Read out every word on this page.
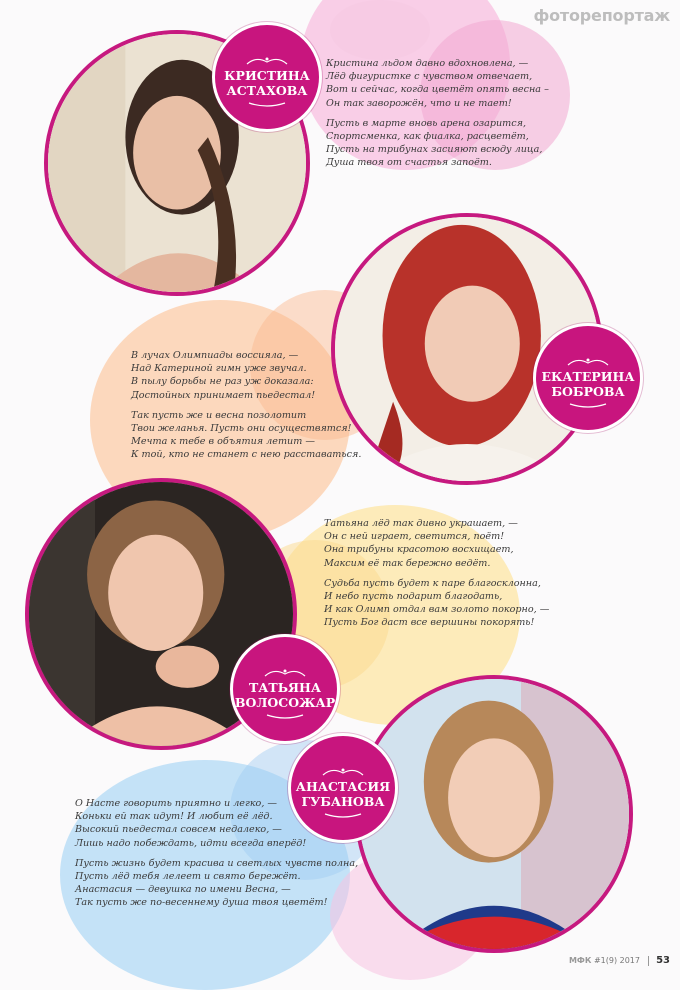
фоторепортаж
КРИСТИНА
АСТАХОВА
Кристина льдом давно вдохновлена, —
Лёд фигуристке с чувством отвечает,
Вот и сейчас, когда цветёт опять весна –
Он так заворожён, что и не тает!
Пусть в марте вновь арена озарится,
Спортсменка, как фиалка, расцветёт,
Пусть на трибунах засияют всюду лица,
Душа твоя от счастья запоёт.
ЕКАТЕРИНА
БОБРОВА
В лучах Олимпиады воссияла, —
Над Катериной гимн уже звучал.
В пылу борьбы не раз уж доказала:
Достойных принимает пьедестал!
Так пусть же и весна позолотит
Твои желанья. Пусть они осуществятся!
Мечта к тебе в объятия летит —
К той, кто не станет с нею расставаться.
ТАТЬЯНА
ВОЛОСОЖАР
Татьяна лёд так дивно украшает, —
Он с ней играет, светится, поёт!
Она трибуны красотою восхищает,
Максим её так бережно ведёт.
Судьба пусть будет к паре благосклонна,
И небо пусть подарит благодать,
И как Олимп отдал вам золото покорно, —
Пусть Бог даст все вершины покорять!
АНАСТАСИЯ
ГУБАНОВА
О Насте говорить приятно и легко, —
Коньки ей так идут! И любит её лёд.
Высокий пьедестал совсем недалеко, —
Лишь надо побеждать, идти всегда вперёд!
Пусть жизнь будет красива и светлых чувств полна,
Пусть лёд тебя лелеет и свято бережёт.
Анастасия — девушка по имени Весна, —
Так пусть же по-весеннему душа твоя цветёт!
МФК #1(9) 2017 53
